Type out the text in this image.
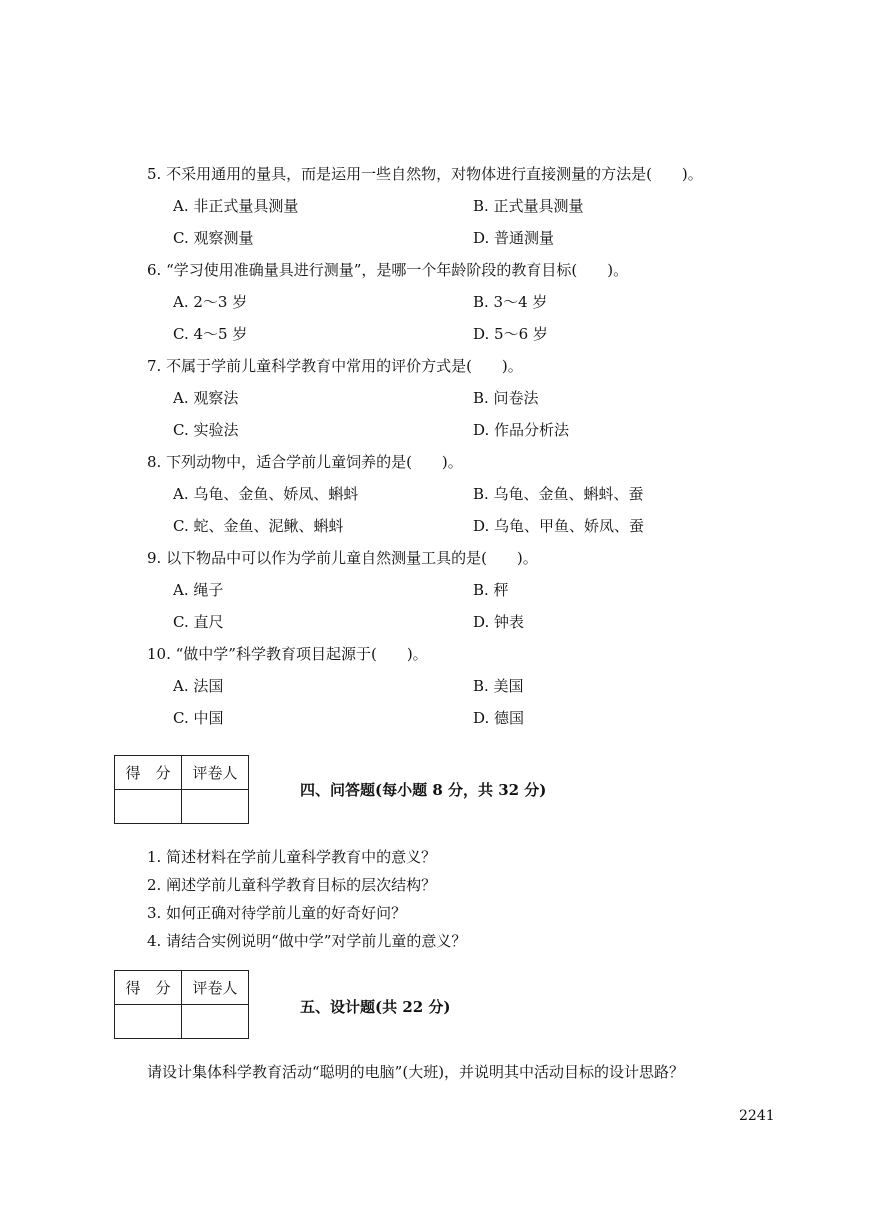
5. 不采用通用的量具，而是运用一些自然物，对物体进行直接测量的方法是(　　)。
A. 非正式量具测量	B. 正式量具测量
C. 观察测量	D. 普通测量
6. “学习使用准确量具进行测量”，是哪一个年龄阶段的教育目标(　　)。
A. 2～3 岁	B. 3～4 岁
C. 4～5 岁	D. 5～6 岁
7. 不属于学前儿童科学教育中常用的评价方式是(　　)。
A. 观察法	B. 问卷法
C. 实验法	D. 作品分析法
8. 下列动物中，适合学前儿童饲养的是(　　)。
A. 乌龟、金鱼、娇凤、蝌蚪	B. 乌龟、金鱼、蝌蚪、蚕
C. 蛇、金鱼、泥鳅、蝌蚪	D. 乌龟、甲鱼、娇凤、蚕
9. 以下物品中可以作为学前儿童自然测量工具的是(　　)。
A. 绳子	B. 秤
C. 直尺	D. 钟表
10. “做中学”科学教育项目起源于(　　)。
A. 法国	B. 美国
C. 中国	D. 德国
得　分	评卷人

四、问答题(每小题 8 分，共 32 分)
1. 简述材料在学前儿童科学教育中的意义？
2. 阐述学前儿童科学教育目标的层次结构？
3. 如何正确对待学前儿童的好奇好问？
4. 请结合实例说明“做中学”对学前儿童的意义？
得　分	评卷人

五、设计题(共 22 分)
请设计集体科学教育活动“聪明的电脑”(大班)，并说明其中活动目标的设计思路？
2241
